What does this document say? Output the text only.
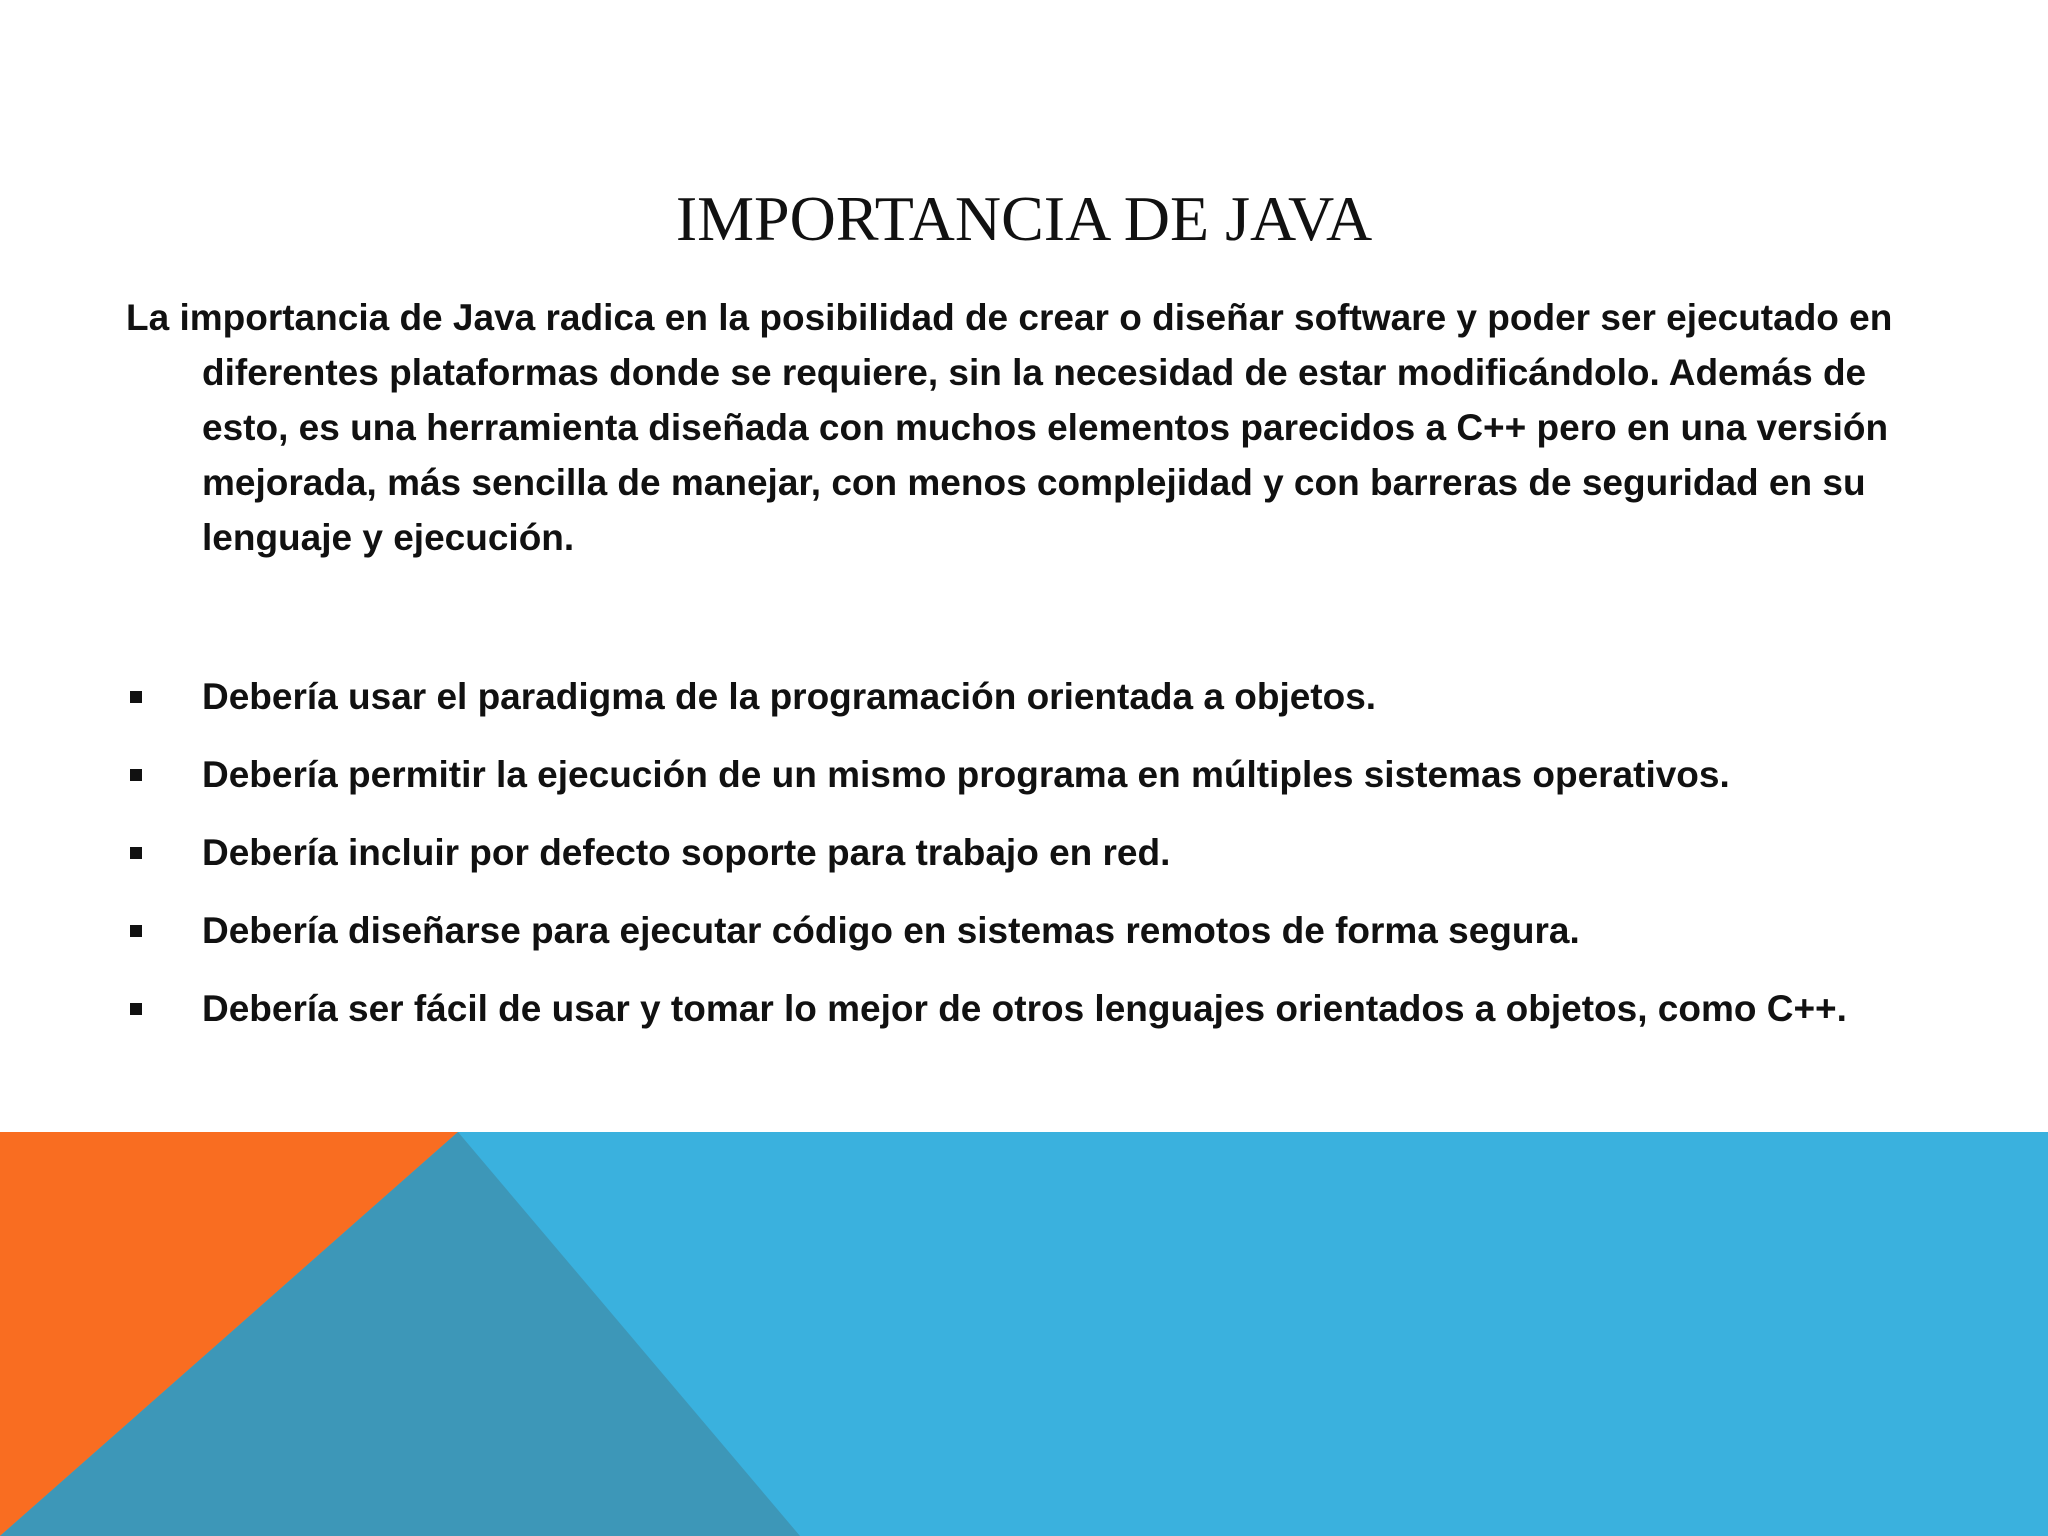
IMPORTANCIA DE JAVA

La importancia de Java radica en la posibilidad de crear o diseñar software y poder ser ejecutado en diferentes plataformas donde se requiere, sin la necesidad de estar modificándolo. Además de esto, es una herramienta diseñada con muchos elementos parecidos a C++ pero en una versión mejorada, más sencilla de manejar, con menos complejidad y con barreras de seguridad en su lenguaje y ejecución.

Debería usar el paradigma de la programación orientada a objetos.
Debería permitir la ejecución de un mismo programa en múltiples sistemas operativos.
Debería incluir por defecto soporte para trabajo en red.
Debería diseñarse para ejecutar código en sistemas remotos de forma segura.
Debería ser fácil de usar y tomar lo mejor de otros lenguajes orientados a objetos, como C++.
